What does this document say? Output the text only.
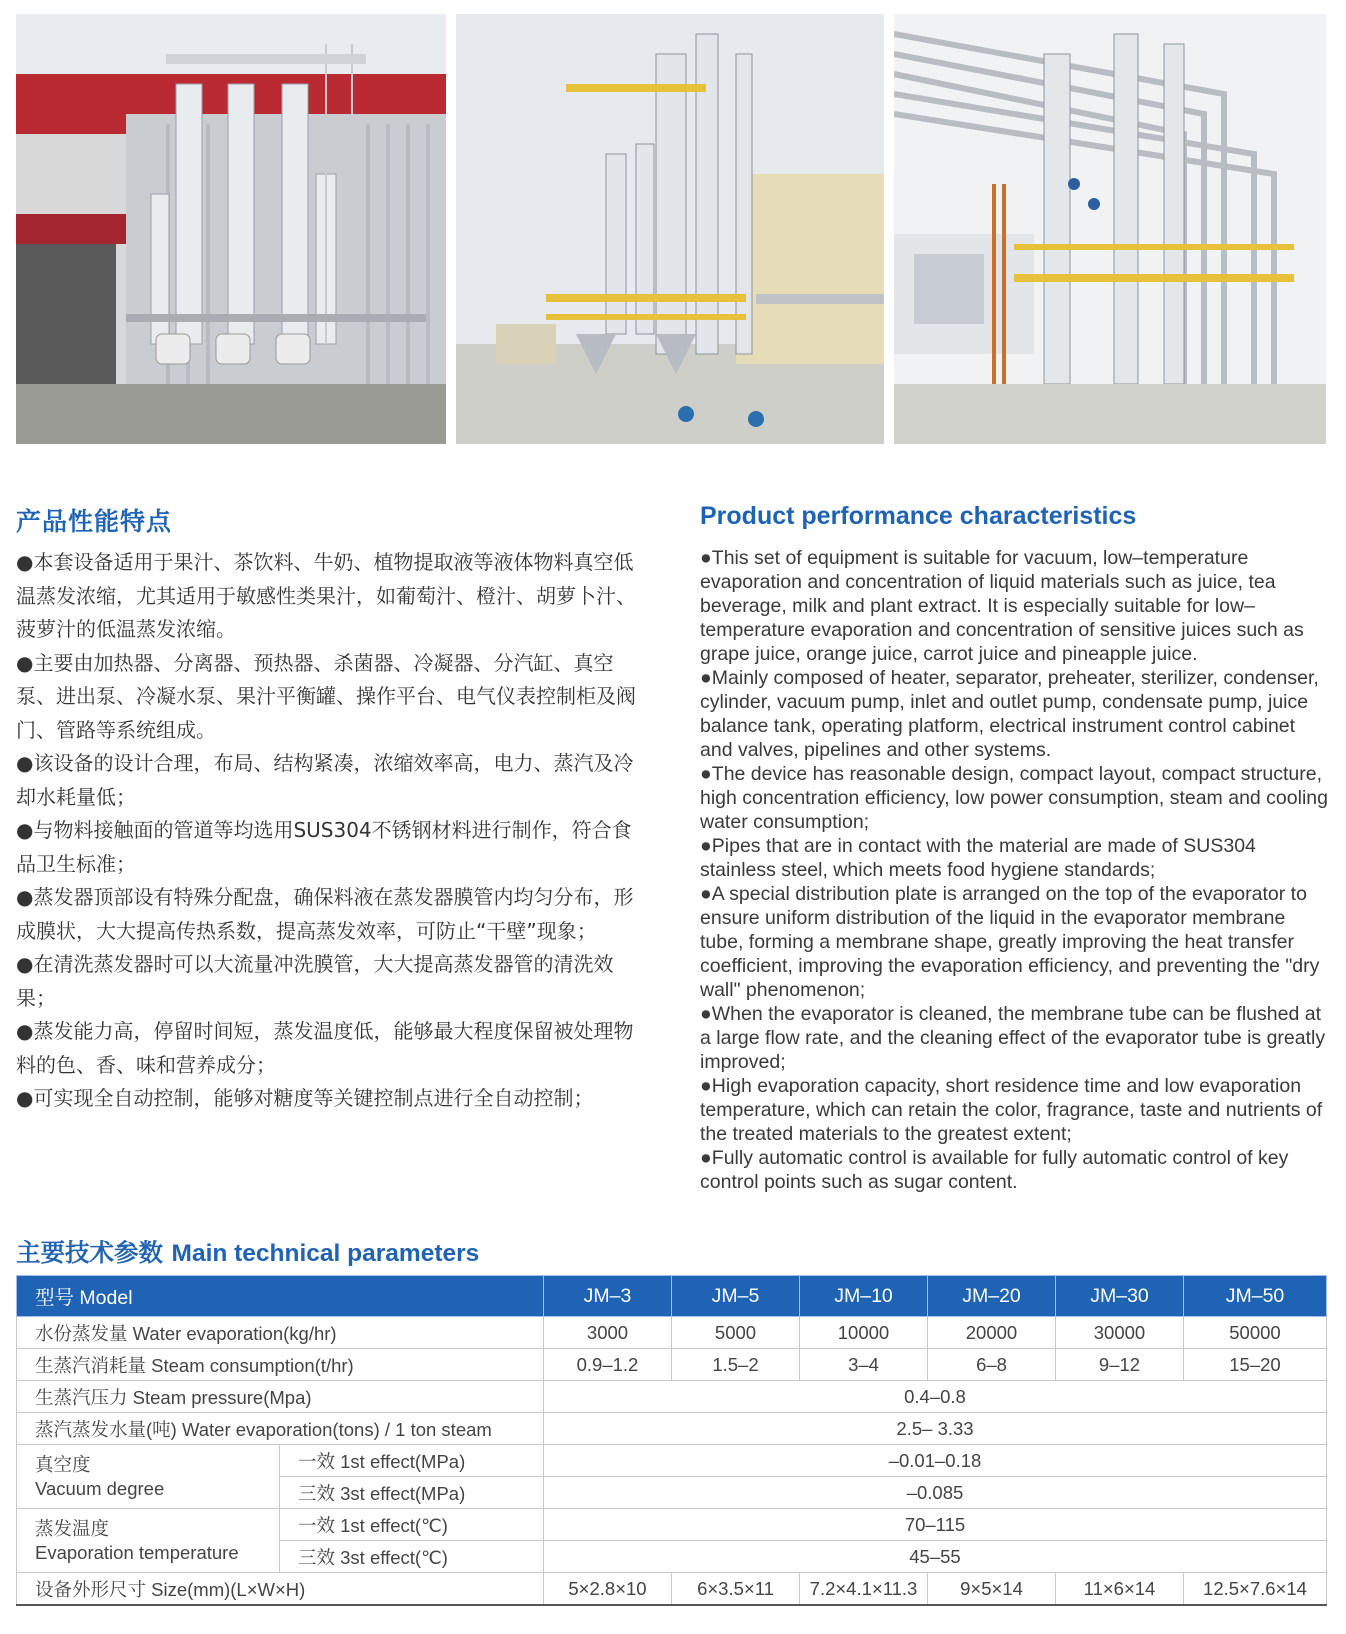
产品性能特点

●本套设备适用于果汁、茶饮料、牛奶、植物提取液等液体物料真空低温蒸发浓缩，尤其适用于敏感性类果汁，如葡萄汁、橙汁、胡萝卜汁、菠萝汁的低温蒸发浓缩。

●主要由加热器、分离器、预热器、杀菌器、冷凝器、分汽缸、真空泵、进出泵、冷凝水泵、果汁平衡罐、操作平台、电气仪表控制柜及阀门、管路等系统组成。

●该设备的设计合理，布局、结构紧凑，浓缩效率高，电力、蒸汽及冷却水耗量低；

●与物料接触面的管道等均选用SUS304不锈钢材料进行制作，符合食品卫生标准；

●蒸发器顶部设有特殊分配盘，确保料液在蒸发器膜管内均匀分布，形成膜状，大大提高传热系数，提高蒸发效率，可防止“干壁”现象；

●在清洗蒸发器时可以大流量冲洗膜管，大大提高蒸发器管的清洗效果；

●蒸发能力高，停留时间短，蒸发温度低，能够最大程度保留被处理物料的色、香、味和营养成分；

●可实现全自动控制，能够对糖度等关键控制点进行全自动控制；

Product performance characteristics

●This set of equipment is suitable for vacuum, low–temperature evaporation and concentration of liquid materials such as juice, tea beverage, milk and plant extract. It is especially suitable for low–temperature evaporation and concentration of sensitive juices such as grape juice, orange juice, carrot juice and pineapple juice.

●Mainly composed of heater, separator, preheater, sterilizer, condenser, cylinder, vacuum pump, inlet and outlet pump, condensate pump, juice balance tank, operating platform, electrical instrument control cabinet and valves, pipelines and other systems.

●The device has reasonable design, compact layout, compact structure, high concentration efficiency, low power consumption, steam and cooling water consumption;

●Pipes that are in contact with the material are made of SUS304 stainless steel, which meets food hygiene standards;

●A special distribution plate is arranged on the top of the evaporator to ensure uniform distribution of the liquid in the evaporator membrane tube, forming a membrane shape, greatly improving the heat transfer coefficient, improving the evaporation efficiency, and preventing the "dry wall" phenomenon;

●When the evaporator is cleaned, the membrane tube can be flushed at a large flow rate, and the cleaning effect of the evaporator tube is greatly improved;

●High evaporation capacity, short residence time and low evaporation temperature, which can retain the color, fragrance, taste and nutrients of the treated materials to the greatest extent;

●Fully automatic control is available for fully automatic control of key control points such as sugar content.

主要技术参数 Main technical parameters
型号 Model		JM–3	JM–5	JM–10	JM–20	JM–30	JM–50
水份蒸发量 Water evaporation(kg/hr)		3000	5000	10000	20000	30000	50000
生蒸汽消耗量 Steam consumption(t/hr)		0.9–1.2	1.5–2	3–4	6–8	9–12	15–20
生蒸汽压力 Steam pressure(Mpa)		0.4–0.8					
蒸汽蒸发水量(吨) Water evaporation(tons) / 1 ton steam		2.5– 3.33					
真空度
Vacuum degree	一效 1st effect(MPa)	–0.01–0.18					
	三效 3st effect(MPa)	–0.085					
蒸发温度
Evaporation temperature	一效 1st effect(℃)	70–115					
	三效 3st effect(℃)	45–55					
设备外形尺寸 Size(mm)(L×W×H)		5×2.8×10	6×3.5×11	7.2×4.1×11.3	9×5×14	11×6×14	12.5×7.6×14
